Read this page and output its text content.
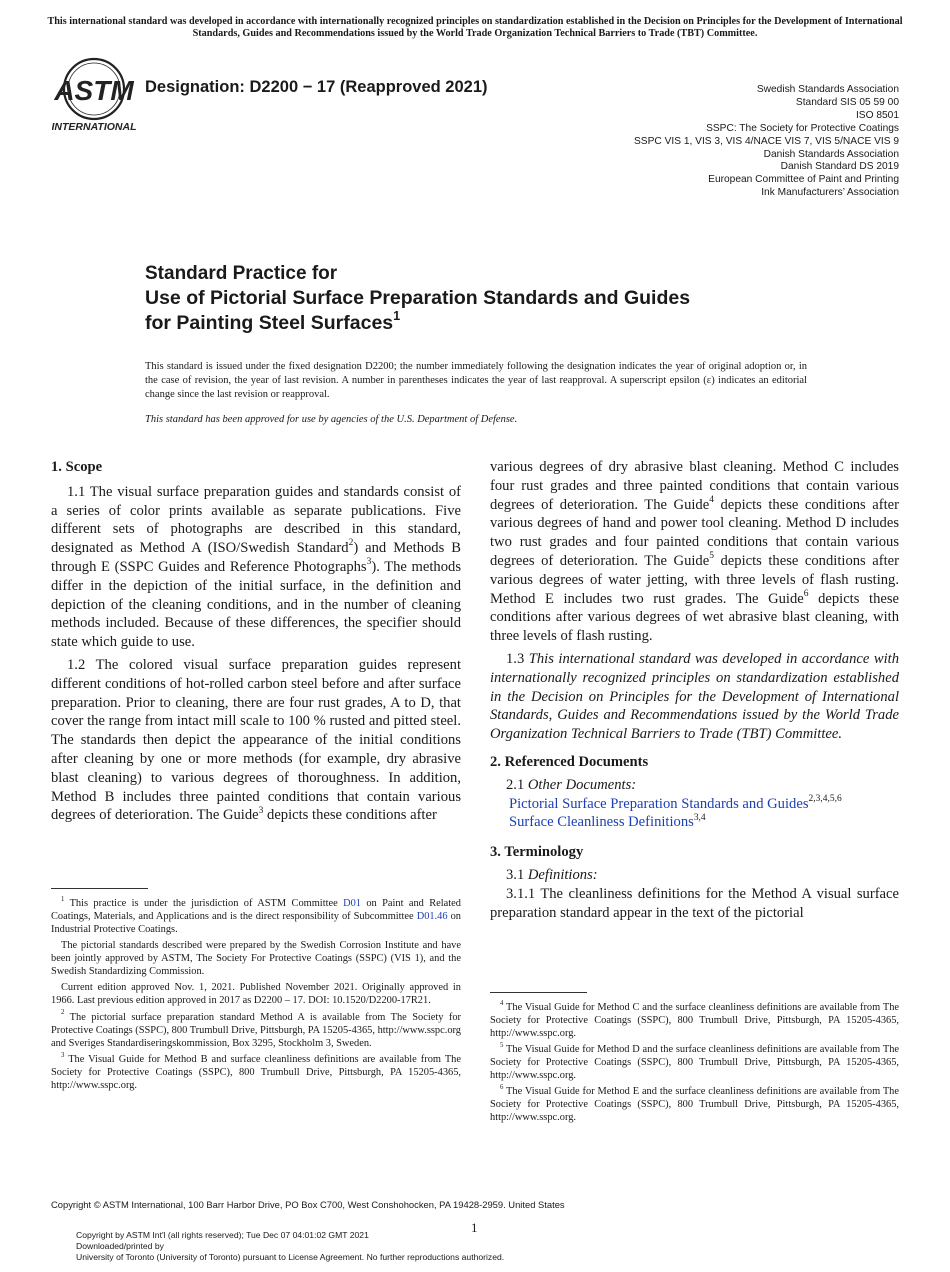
This international standard was developed in accordance with internationally recognized principles on standardization established in the Decision on Principles for the Development of International Standards, Guides and Recommendations issued by the World Trade Organization Technical Barriers to Trade (TBT) Committee.
ASTM
INTERNATIONAL
Designation: D2200 − 17 (Reapproved 2021)	Swedish Standards Association
Standard SIS 05 59 00
ISO 8501
SSPC: The Society for Protective Coatings
SSPC VIS 1, VIS 3, VIS 4/NACE VIS 7, VIS 5/NACE VIS 9
Danish Standards Association
Danish Standard DS 2019
European Committee of Paint and Printing
Ink Manufacturers’ Association
Standard Practice for
Use of Pictorial Surface Preparation Standards and Guides
for Painting Steel Surfaces$^1$
This standard is issued under the fixed designation D2200; the number immediately following the designation indicates the year of original adoption or, in the case of revision, the year of last revision. A number in parentheses indicates the year of last reapproval. A superscript epsilon (ε) indicates an editorial change since the last revision or reapproval.
This standard has been approved for use by agencies of the U.S. Department of Defense.

1. Scope

1.1 The visual surface preparation guides and standards consist of a series of color prints available as separate publications. Five different sets of photographs are described in this standard, designated as Method A (ISO/Swedish Standard$^2$) and Methods B through E (SSPC Guides and Reference Photographs$^3$). The methods differ in the depiction of the initial surface, in the definition and depiction of the cleaning conditions, and in the number of cleaning methods included. Because of these differences, the specifier should state which guide to use.

1.2 The colored visual surface preparation guides represent different conditions of hot-rolled carbon steel before and after surface preparation. Prior to cleaning, there are four rust grades, A to D, that cover the range from intact mill scale to 100 % rusted and pitted steel. The standards then depict the appearance of the initial conditions after cleaning by one or more methods (for example, dry abrasive blast cleaning) to various degrees of thoroughness. In addition, Method B includes three painted conditions that contain various degrees of deterioration. The Guide$^3$ depicts these conditions after

$^1$ This practice is under the jurisdiction of ASTM Committee D01 on Paint and Related Coatings, Materials, and Applications and is the direct responsibility of Subcommittee D01.46 on Industrial Protective Coatings.

The pictorial standards described were prepared by the Swedish Corrosion Institute and have been jointly approved by ASTM, The Society For Protective Coatings (SSPC) (VIS 1), and the Swedish Standardizing Commission.

Current edition approved Nov. 1, 2021. Published November 2021. Originally approved in 1966. Last previous edition approved in 2017 as D2200 – 17. DOI: 10.1520/D2200-17R21.

$^2$ The pictorial surface preparation standard Method A is available from The Society for Protective Coatings (SSPC), 800 Trumbull Drive, Pittsburgh, PA 15205-4365, http://www.sspc.org and Sveriges Standardiseringskommission, Box 3295, Stockholm 3, Sweden.

$^3$ The Visual Guide for Method B and surface cleanliness definitions are available from The Society for Protective Coatings (SSPC), 800 Trumbull Drive, Pittsburgh, PA 15205-4365, http://www.sspc.org.

various degrees of dry abrasive blast cleaning. Method C includes four rust grades and three painted conditions that contain various degrees of deterioration. The Guide$^4$ depicts these conditions after various degrees of hand and power tool cleaning. Method D includes two rust grades and four painted conditions that contain various degrees of deterioration. The Guide$^5$ depicts these conditions after various degrees of water jetting, with three levels of flash rusting. Method E includes two rust grades. The Guide$^6$ depicts these conditions after various degrees of wet abrasive blast cleaning, with three levels of flash rusting.

1.3 This international standard was developed in accordance with internationally recognized principles on standardization established in the Decision on Principles for the Development of International Standards, Guides and Recommendations issued by the World Trade Organization Technical Barriers to Trade (TBT) Committee.

2. Referenced Documents

2.1 Other Documents:

Pictorial Surface Preparation Standards and Guides$^{2,3,4,5,6}$

Surface Cleanliness Definitions$^{3,4}$

3. Terminology

3.1 Definitions:

3.1.1 The cleanliness definitions for the Method A visual surface preparation standard appear in the text of the pictorial

$^4$ The Visual Guide for Method C and the surface cleanliness definitions are available from The Society for Protective Coatings (SSPC), 800 Trumbull Drive, Pittsburgh, PA 15205-4365, http://www.sspc.org.

$^5$ The Visual Guide for Method D and the surface cleanliness definitions are available from The Society for Protective Coatings (SSPC), 800 Trumbull Drive, Pittsburgh, PA 15205-4365, http://www.sspc.org.

$^6$ The Visual Guide for Method E and the surface cleanliness definitions are available from The Society for Protective Coatings (SSPC), 800 Trumbull Drive, Pittsburgh, PA 15205-4365, http://www.sspc.org.

Copyright © ASTM International, 100 Barr Harbor Drive, PO Box C700, West Conshohocken, PA 19428-2959. United States
1
Copyright by ASTM Int'l (all rights reserved); Tue Dec 07 04:01:02 GMT 2021
Downloaded/printed by
University of Toronto (University of Toronto) pursuant to License Agreement. No further reproductions authorized.
